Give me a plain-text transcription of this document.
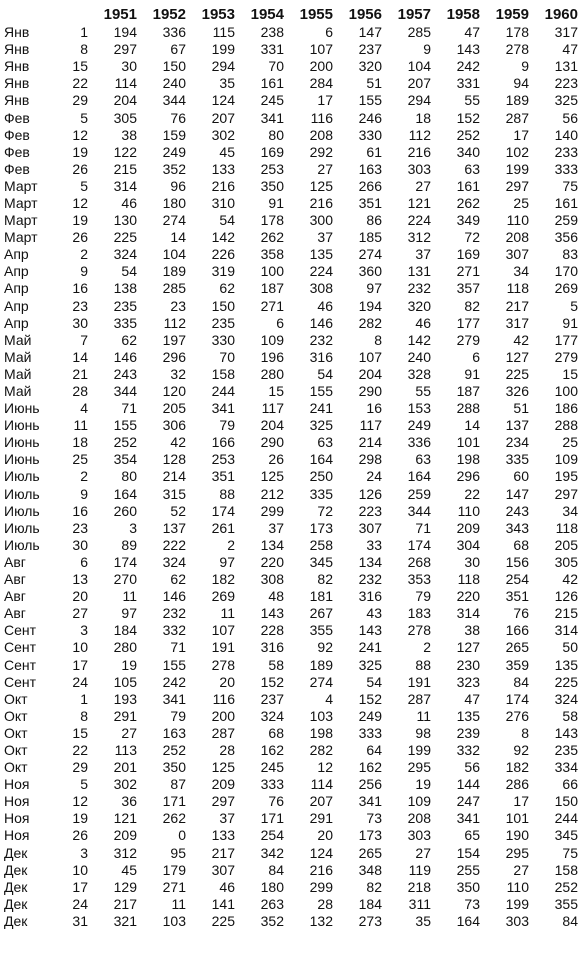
		1951	1952	1953	1954	1955	1956	1957	1958	1959	1960
Янв	1	194	336	115	238	6	147	285	47	178	317
Янв	8	297	67	199	331	107	237	9	143	278	47
Янв	15	30	150	294	70	200	320	104	242	9	131
Янв	22	114	240	35	161	284	51	207	331	94	223
Янв	29	204	344	124	245	17	155	294	55	189	325
Фев	5	305	76	207	341	116	246	18	152	287	56
Фев	12	38	159	302	80	208	330	112	252	17	140
Фев	19	122	249	45	169	292	61	216	340	102	233
Фев	26	215	352	133	253	27	163	303	63	199	333
Март	5	314	96	216	350	125	266	27	161	297	75
Март	12	46	180	310	91	216	351	121	262	25	161
Март	19	130	274	54	178	300	86	224	349	110	259
Март	26	225	14	142	262	37	185	312	72	208	356
Апр	2	324	104	226	358	135	274	37	169	307	83
Апр	9	54	189	319	100	224	360	131	271	34	170
Апр	16	138	285	62	187	308	97	232	357	118	269
Апр	23	235	23	150	271	46	194	320	82	217	5
Апр	30	335	112	235	6	146	282	46	177	317	91
Май	7	62	197	330	109	232	8	142	279	42	177
Май	14	146	296	70	196	316	107	240	6	127	279
Май	21	243	32	158	280	54	204	328	91	225	15
Май	28	344	120	244	15	155	290	55	187	326	100
Июнь	4	71	205	341	117	241	16	153	288	51	186
Июнь	11	155	306	79	204	325	117	249	14	137	288
Июнь	18	252	42	166	290	63	214	336	101	234	25
Июнь	25	354	128	253	26	164	298	63	198	335	109
Июль	2	80	214	351	125	250	24	164	296	60	195
Июль	9	164	315	88	212	335	126	259	22	147	297
Июль	16	260	52	174	299	72	223	344	110	243	34
Июль	23	3	137	261	37	173	307	71	209	343	118
Июль	30	89	222	2	134	258	33	174	304	68	205
Авг	6	174	324	97	220	345	134	268	30	156	305
Авг	13	270	62	182	308	82	232	353	118	254	42
Авг	20	11	146	269	48	181	316	79	220	351	126
Авг	27	97	232	11	143	267	43	183	314	76	215
Сент	3	184	332	107	228	355	143	278	38	166	314
Сент	10	280	71	191	316	92	241	2	127	265	50
Сент	17	19	155	278	58	189	325	88	230	359	135
Сент	24	105	242	20	152	274	54	191	323	84	225
Окт	1	193	341	116	237	4	152	287	47	174	324
Окт	8	291	79	200	324	103	249	11	135	276	58
Окт	15	27	163	287	68	198	333	98	239	8	143
Окт	22	113	252	28	162	282	64	199	332	92	235
Окт	29	201	350	125	245	12	162	295	56	182	334
Ноя	5	302	87	209	333	114	256	19	144	286	66
Ноя	12	36	171	297	76	207	341	109	247	17	150
Ноя	19	121	262	37	171	291	73	208	341	101	244
Ноя	26	209	0	133	254	20	173	303	65	190	345
Дек	3	312	95	217	342	124	265	27	154	295	75
Дек	10	45	179	307	84	216	348	119	255	27	158
Дек	17	129	271	46	180	299	82	218	350	110	252
Дек	24	217	11	141	263	28	184	311	73	199	355
Дек	31	321	103	225	352	132	273	35	164	303	84
